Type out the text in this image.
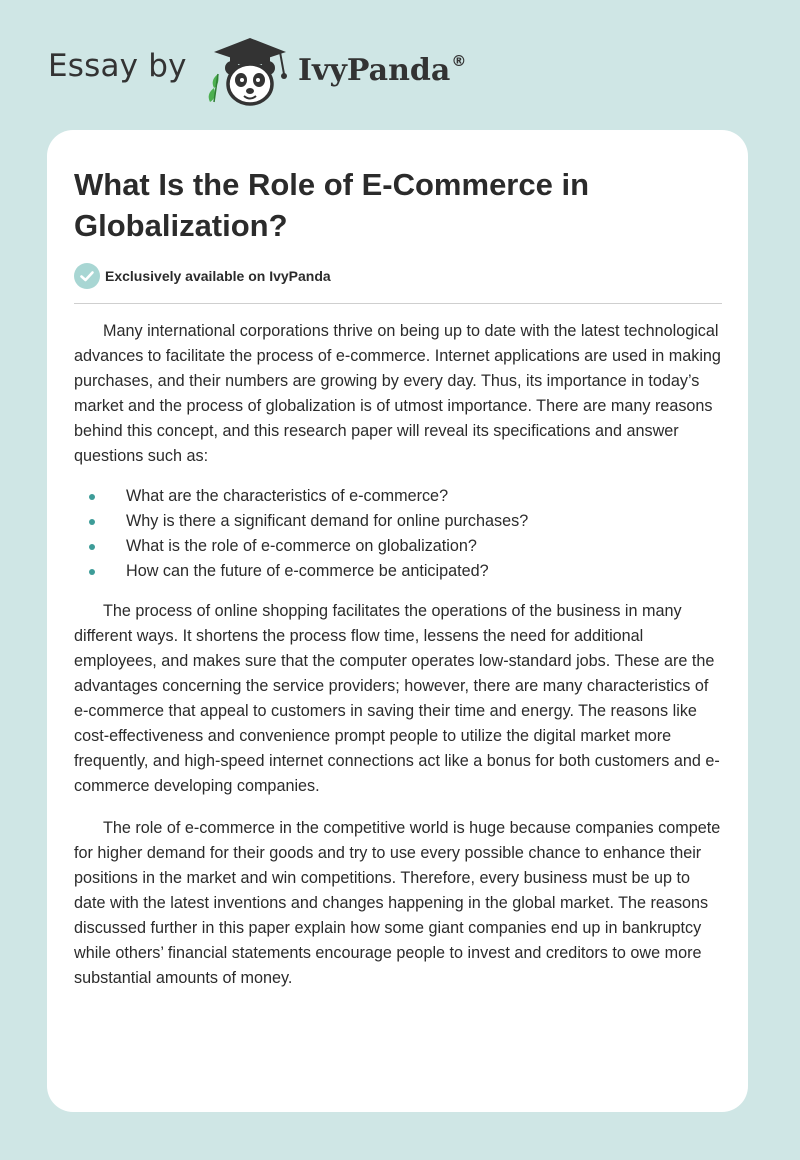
Essay by	IvyPanda®
What Is the Role of E-Commerce in Globalization?
Exclusively available on IvyPanda

Many international corporations thrive on being up to date with the latest technological advances to facilitate the process of e-commerce. Internet applications are used in making purchases, and their numbers are growing by every day. Thus, its importance in today’s market and the process of globalization is of utmost importance. There are many reasons behind this concept, and this research paper will reveal its specifications and answer questions such as:

What are the characteristics of e-commerce?
Why is there a significant demand for online purchases?
What is the role of e-commerce on globalization?
How can the future of e-commerce be anticipated?

The process of online shopping facilitates the operations of the business in many different ways. It shortens the process flow time, lessens the need for additional employees, and makes sure that the computer operates low-standard jobs. These are the advantages concerning the service providers; however, there are many characteristics of e-commerce that appeal to customers in saving their time and energy. The reasons like cost-effectiveness and convenience prompt people to utilize the digital market more frequently, and high-speed internet connections act like a bonus for both customers and e-commerce developing companies.

The role of e-commerce in the competitive world is huge because companies compete for higher demand for their goods and try to use every possible chance to enhance their positions in the market and win competitions. Therefore, every business must be up to date with the latest inventions and changes happening in the global market. The reasons discussed further in this paper explain how some giant companies end up in bankruptcy while others’ financial statements encourage people to invest and creditors to owe more substantial amounts of money.
